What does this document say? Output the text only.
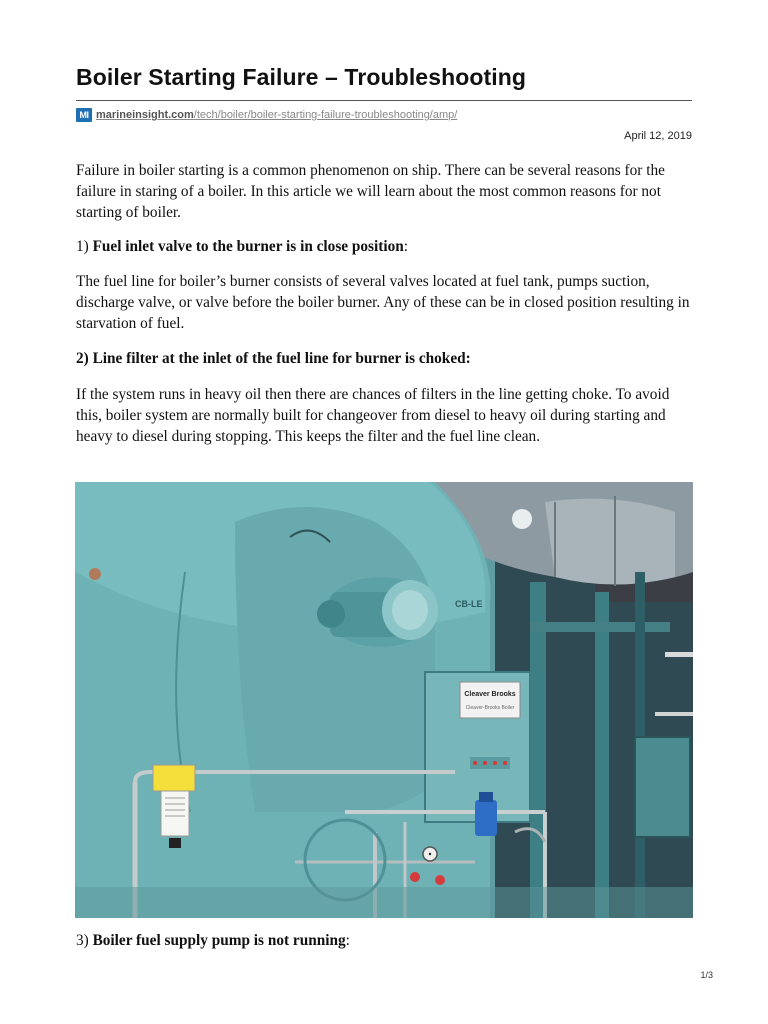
Boiler Starting Failure – Troubleshooting
MI marineinsight.com/tech/boiler/boiler-starting-failure-troubleshooting/amp/
April 12, 2019

Failure in boiler starting is a common phenomenon on ship. There can be several reasons for the failure in staring of a boiler. In this article we will learn about the most common reasons for not starting of boiler.

1) Fuel inlet valve to the burner is in close position:

The fuel line for boiler’s burner consists of several valves located at fuel tank, pumps suction, discharge valve, or valve before the boiler burner. Any of these can be in closed position resulting in starvation of fuel.

2) Line filter at the inlet of the fuel line for burner is choked:

If the system runs in heavy oil then there are chances of filters in the line getting choke. To avoid this, boiler system are normally built for changeover from diesel to heavy oil during starting and heavy to diesel during stopping. This keeps the filter and the fuel line clean.

Cleaver Brooks
Cleaver-Brooks Boiler
CB-LE

3) Boiler fuel supply pump is not running:

1/3
